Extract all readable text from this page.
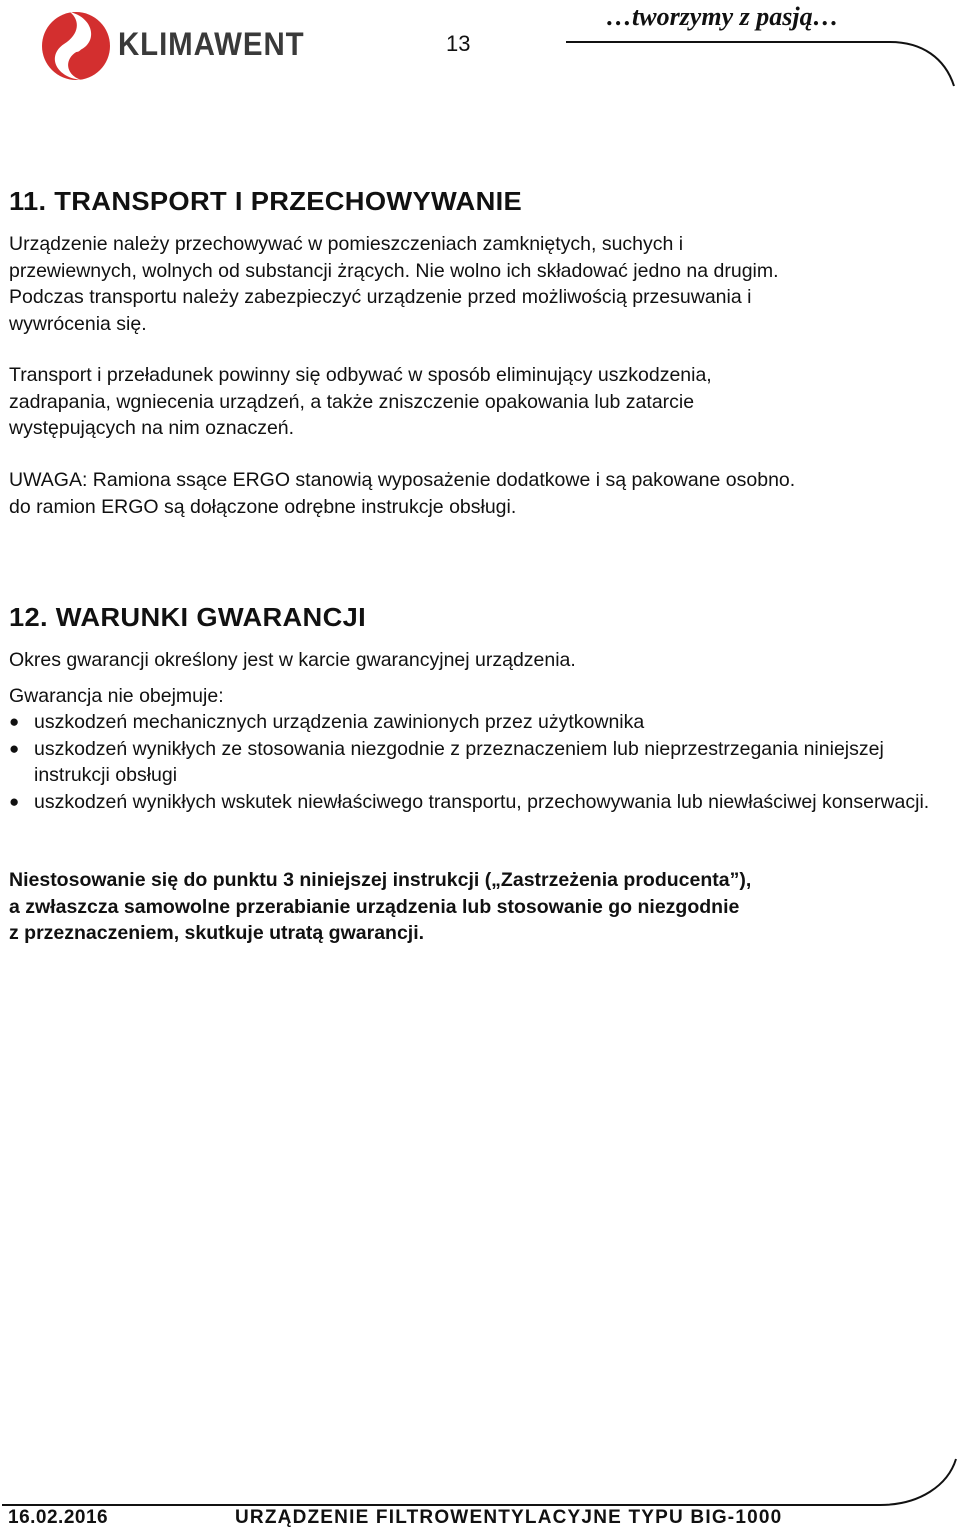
KLIMAWENT	13
…tworzymy z pasją…
11. TRANSPORT I PRZECHOWYWANIE
Urządzenie należy przechowywać w pomieszczeniach zamkniętych, suchych i
przewiewnych, wolnych od substancji żrących. Nie wolno ich składować jedno na drugim.
Podczas transportu należy zabezpieczyć urządzenie przed możliwością przesuwania i
wywrócenia się.
Transport i przeładunek powinny się odbywać w sposób eliminujący uszkodzenia,
zadrapania, wgniecenia urządzeń, a także zniszczenie opakowania lub zatarcie
występujących na nim oznaczeń.
UWAGA: Ramiona ssące ERGO stanowią wyposażenie dodatkowe i są pakowane osobno.
do ramion ERGO są dołączone odrębne instrukcje obsługi.
12. WARUNKI GWARANCJI
Okres gwarancji określony jest w karcie gwarancyjnej urządzenia.
Gwarancja nie obejmuje:
● uszkodzeń mechanicznych urządzenia zawinionych przez użytkownika
● uszkodzeń wynikłych ze stosowania niezgodnie z przeznaczeniem lub nieprzestrzegania niniejszej instrukcji obsługi
● uszkodzeń wynikłych wskutek niewłaściwego transportu, przechowywania lub niewłaściwej konserwacji.
Niestosowanie się do punktu 3 niniejszej instrukcji („Zastrzeżenia producenta”),
a zwłaszcza samowolne przerabianie urządzenia lub stosowanie go niezgodnie
z przeznaczeniem, skutkuje utratą gwarancji.
16.02.2016	URZĄDZENIE FILTROWENTYLACYJNE TYPU BIG-1000
